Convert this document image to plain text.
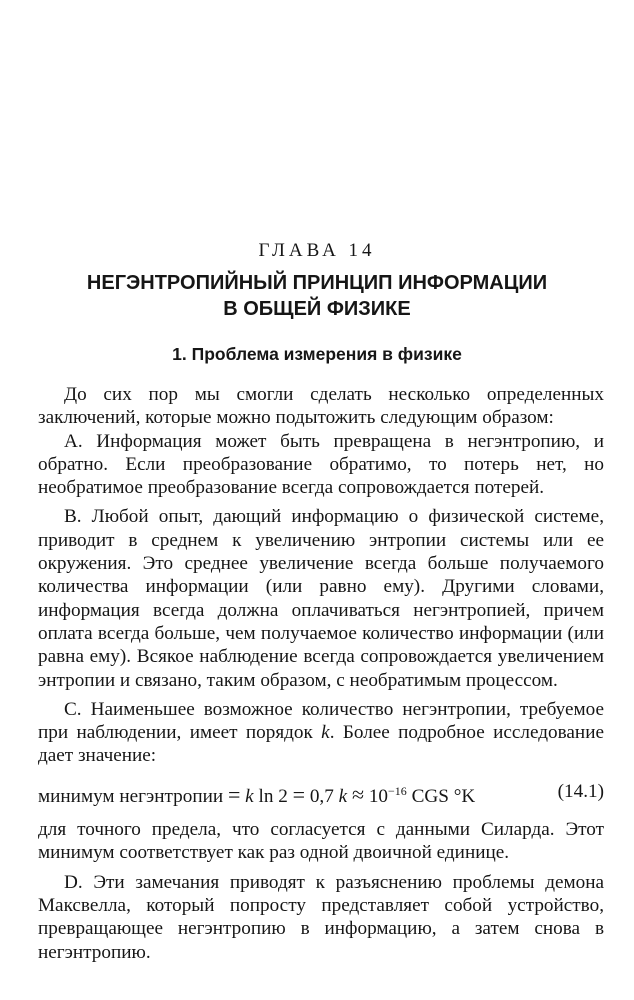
ГЛАВА 14
НЕГЭНТРОПИЙНЫЙ ПРИНЦИП ИНФОРМАЦИИ
В ОБЩЕЙ ФИЗИКЕ
1. Проблема измерения в физике

До сих пор мы смогли сделать несколько определенных заключений, которые можно подытожить следующим образом:

А. Информация может быть превращена в негэнтропию, и обратно. Если преобразование обратимо, то потерь нет, но необратимое преобразование всегда сопровождается потерей.

В. Любой опыт, дающий информацию о физической системе, приводит в среднем к увеличению энтропии системы или ее окружения. Это среднее увеличение всегда больше получаемого количества информации (или равно ему). Другими словами, информация всегда должна оплачиваться негэнтропией, причем оплата всегда больше, чем получаемое количество информации (или равна ему). Всякое наблюдение всегда сопровождается увеличением энтропии и связано, таким образом, с необратимым процессом.

С. Наименьшее возможное количество негэнтропии, требуемое при наблюдении, имеет порядок k. Более подробное исследование дает значение:

минимум негэнтропии = k ln 2 = 0,7 $k \approx 10^{-16}$ CGS °K	(14.1)

для точного предела, что согласуется с данными Силарда. Этот минимум соответствует как раз одной двоичной единице.

D. Эти замечания приводят к разъяснению проблемы демона Максвелла, который попросту представляет собой устройство, превращающее негэнтропию в информацию, а затем снова в негэнтропию.
